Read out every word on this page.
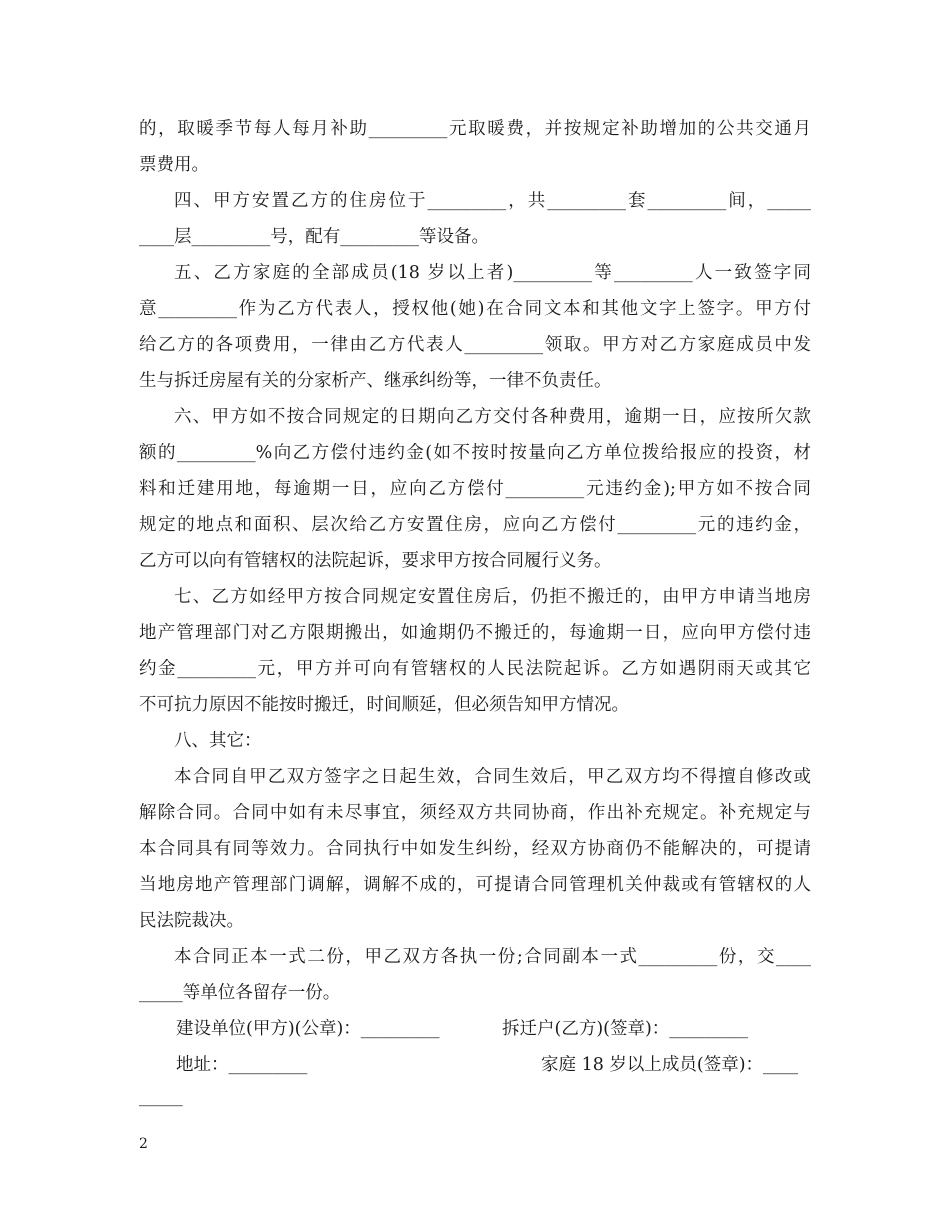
的，取暖季节每人每月补助_________元取暖费，并按规定补助增加的公共交通月

票费用。

四、甲方安置乙方的住房位于_________，共_________套_________间，_____

____层_________号，配有_________等设备。

五、乙方家庭的全部成员(18 岁以上者)_________等_________人一致签字同

意_________作为乙方代表人，授权他(她)在合同文本和其他文字上签字。甲方付

给乙方的各项费用，一律由乙方代表人_________领取。甲方对乙方家庭成员中发

生与拆迁房屋有关的分家析产、继承纠纷等，一律不负责任。

六、甲方如不按合同规定的日期向乙方交付各种费用，逾期一日，应按所欠款

额的_________%向乙方偿付违约金(如不按时按量向乙方单位拨给报应的投资，材

料和迁建用地，每逾期一日，应向乙方偿付_________元违约金);甲方如不按合同

规定的地点和面积、层次给乙方安置住房，应向乙方偿付_________元的违约金，

乙方可以向有管辖权的法院起诉，要求甲方按合同履行义务。

七、乙方如经甲方按合同规定安置住房后，仍拒不搬迁的，由甲方申请当地房

地产管理部门对乙方限期搬出，如逾期仍不搬迁的，每逾期一日，应向甲方偿付违

约金_________元，甲方并可向有管辖权的人民法院起诉。乙方如遇阴雨天或其它

不可抗力原因不能按时搬迁，时间顺延，但必须告知甲方情况。

八、其它：

本合同自甲乙双方签字之日起生效，合同生效后，甲乙双方均不得擅自修改或

解除合同。合同中如有未尽事宜，须经双方共同协商，作出补充规定。补充规定与

本合同具有同等效力。合同执行中如发生纠纷，经双方协商仍不能解决的，可提请

当地房地产管理部门调解，调解不成的，可提请合同管理机关仲裁或有管辖权的人

民法院裁决。

本合同正本一式二份，甲乙双方各执一份;合同副本一式_________份，交____

_____等单位各留存一份。

建设单位(甲方)(公章)：_________	拆迁户(乙方)(签章)：_________

地址：_________	家庭 18 岁以上成员(签章)：____

_____

2
